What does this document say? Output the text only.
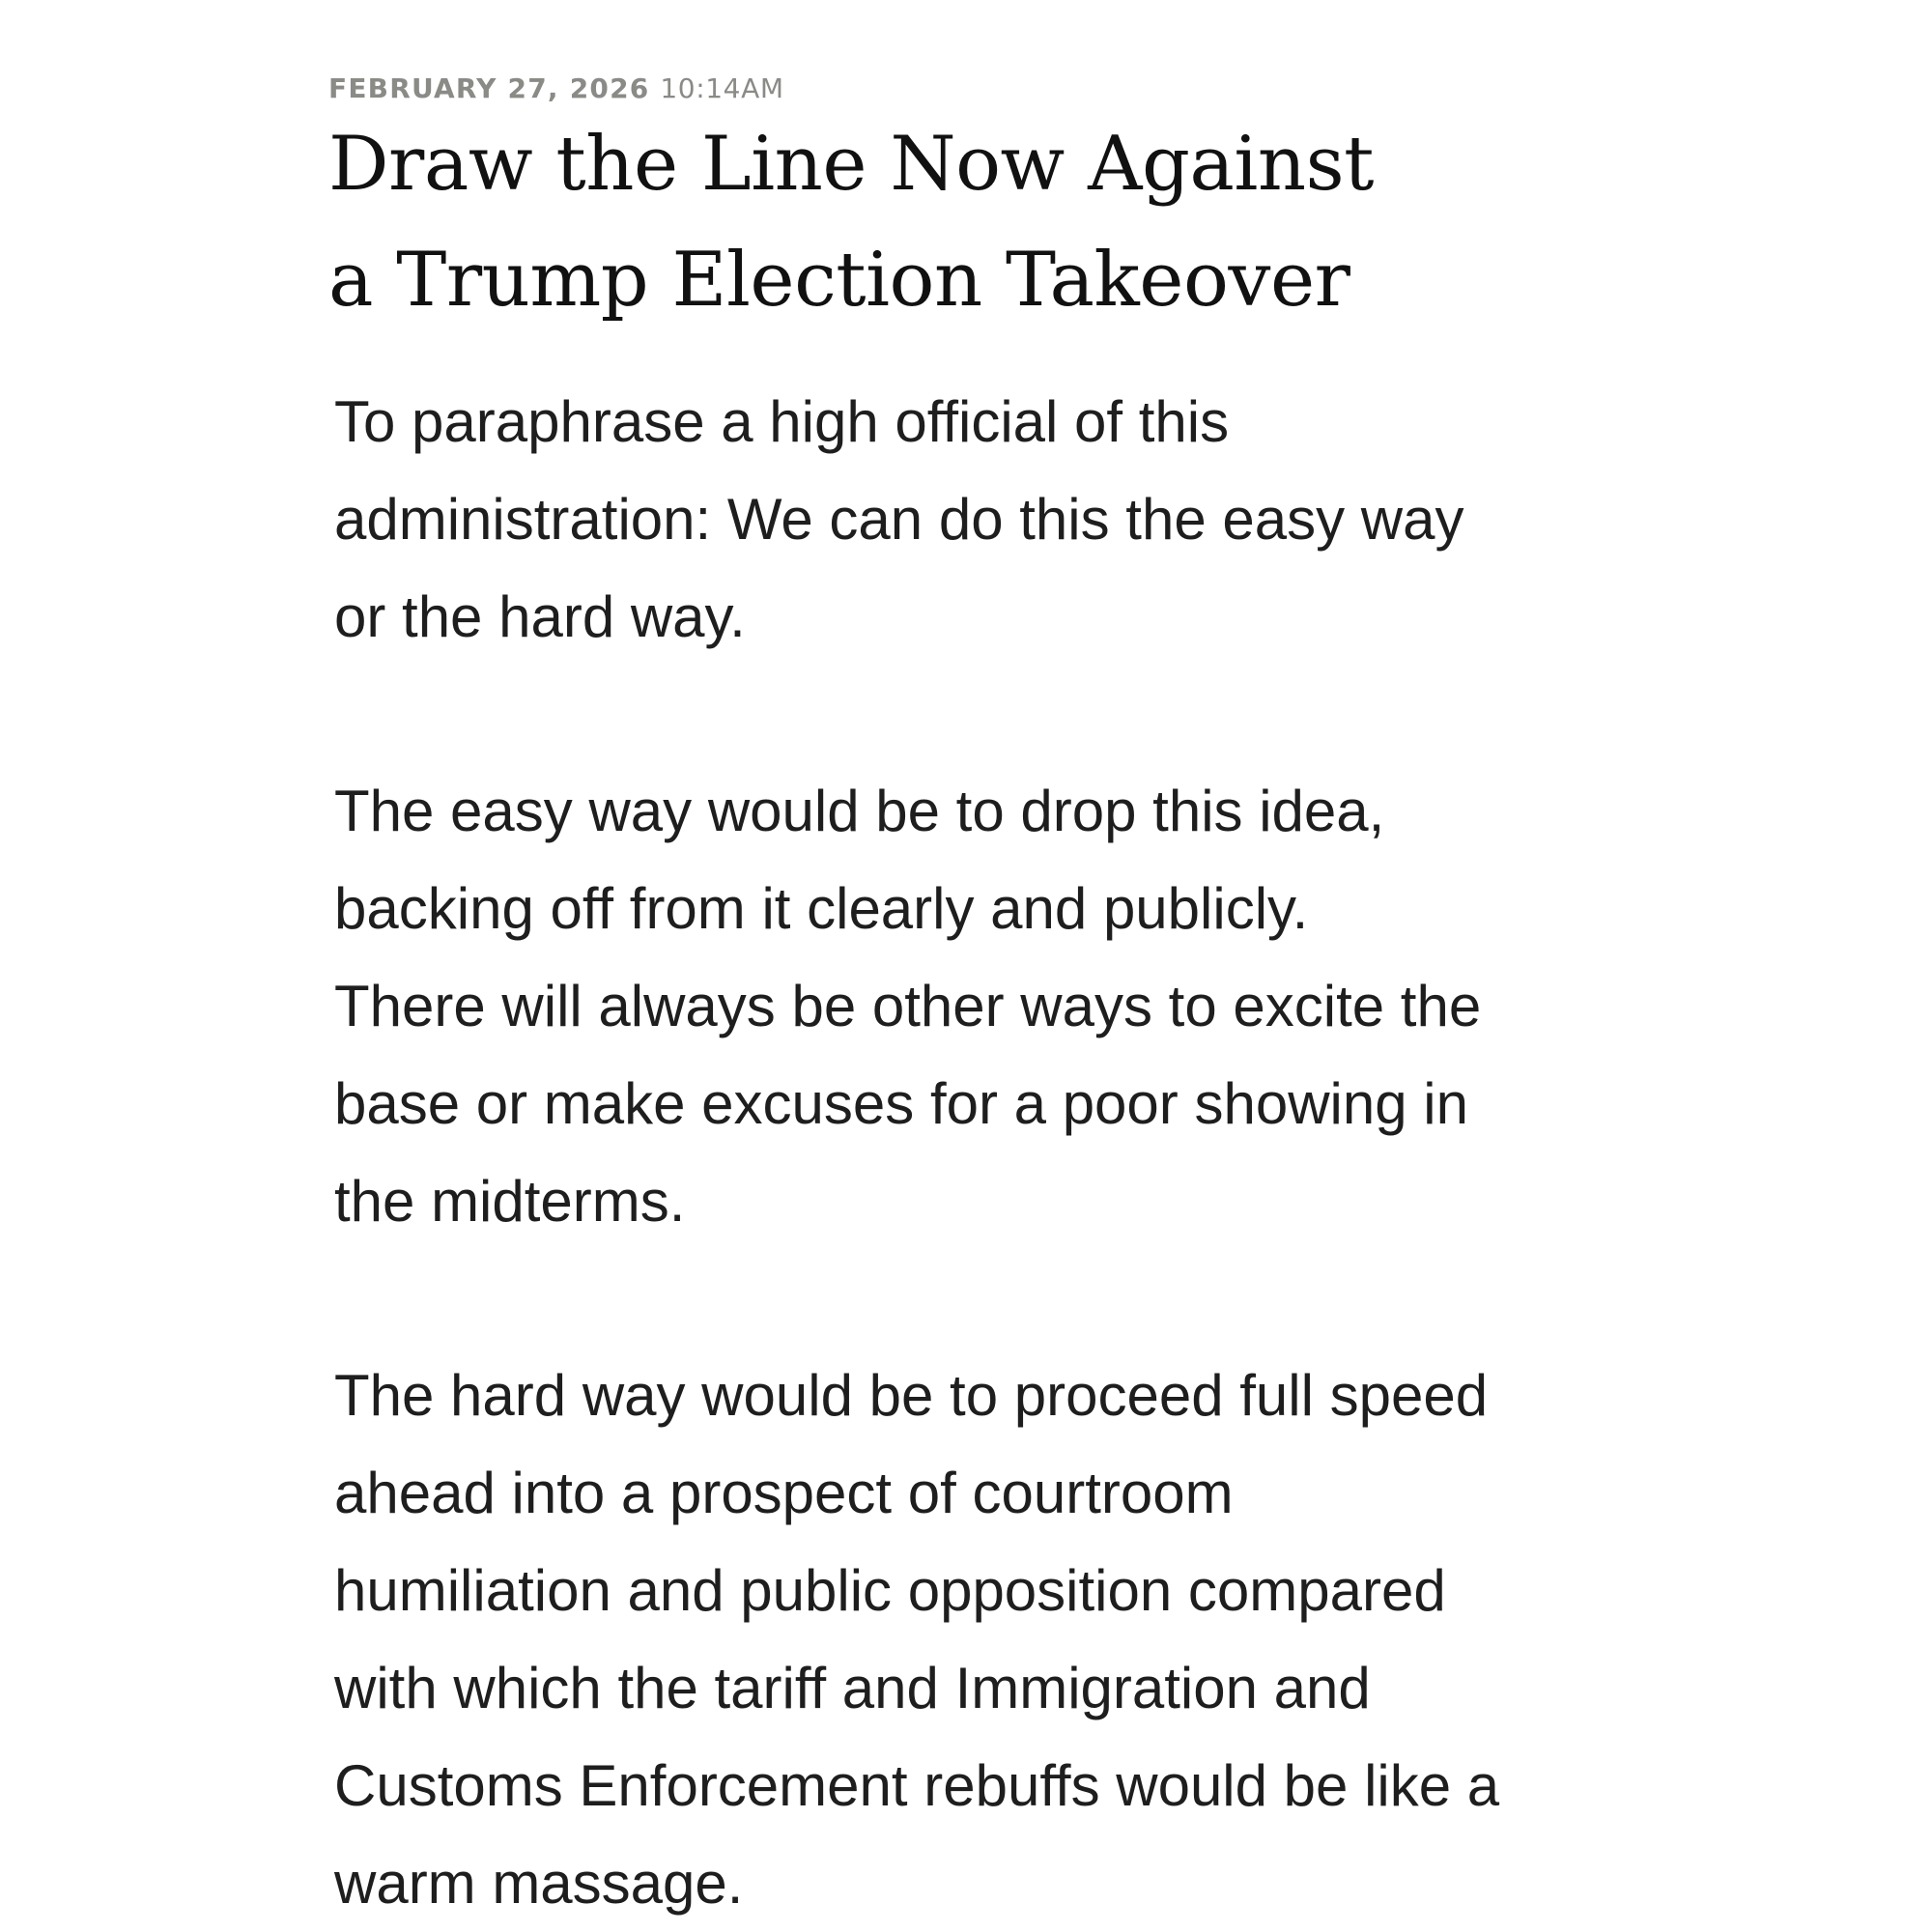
FEBRUARY 27, 2026 10:14AM

Draw the Line Now Against
a Trump Election Takeover

To paraphrase a high official of this
administration: We can do this the easy way
or the hard way.

The easy way would be to drop this idea,
backing off from it clearly and publicly.
There will always be other ways to excite the
base or make excuses for a poor showing in
the midterms.

The hard way would be to proceed full speed
ahead into a prospect of courtroom
humiliation and public opposition compared
with which the tariff and Immigration and
Customs Enforcement rebuffs would be like a
warm massage.
